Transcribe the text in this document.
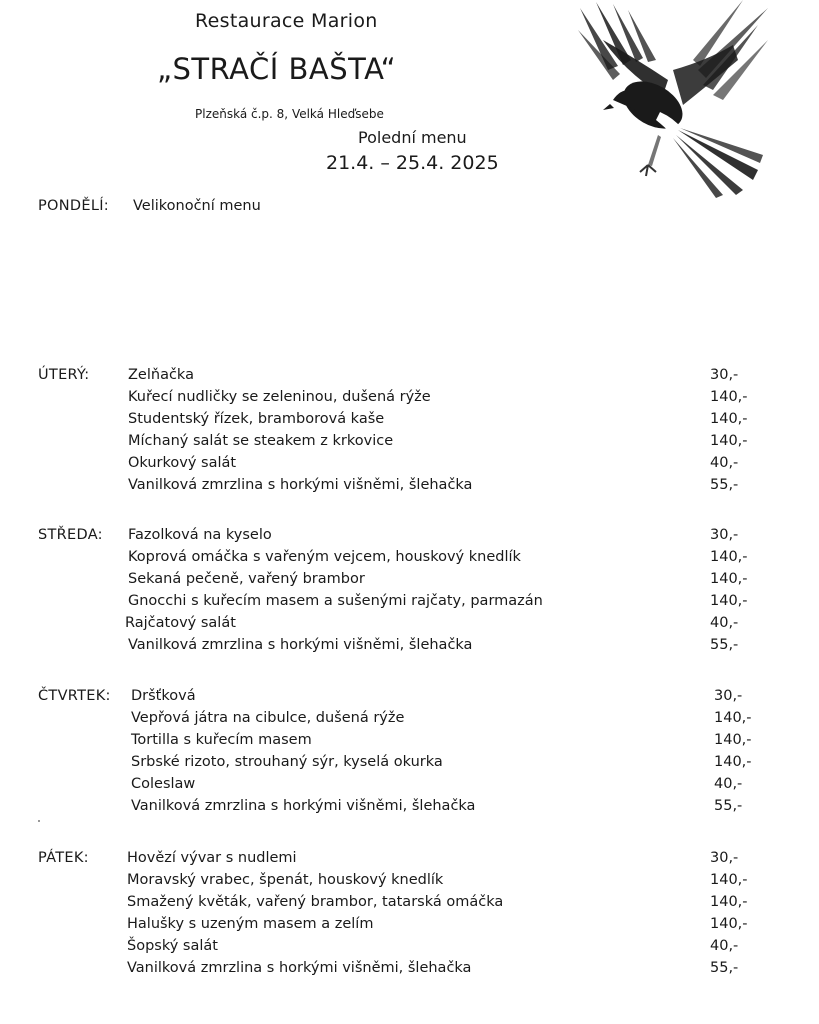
Restaurace Marion
„STRAČÍ BAŠTA“
Plzeňská č.p. 8, Velká Hleďsebe
Polední menu
21.4. – 25.4. 2025
PONDĚLÍ: Velikonoční menu
ÚTERÝ:	Zelňačka	30,-
Kuřecí nudličky se zeleninou, dušená rýže	140,-
Studentský řízek, bramborová kaše	140,-
Míchaný salát se steakem z krkovice	140,-
Okurkový salát	40,-
Vanilková zmrzlina s horkými višněmi, šlehačka	55,-
STŘEDA: Fazolková na kyselo	30,-
Koprová omáčka s vařeným vejcem, houskový knedlík	140,-
Sekaná pečeně, vařený brambor	140,-
Gnocchi s kuřecím masem a sušenými rajčaty, parmazán	140,-
Rajčatový salát	40,-
Vanilková zmrzlina s horkými višněmi, šlehačka	55,-
ČTVRTEK: Dršťková	30,-
Vepřová játra na cibulce, dušená rýže	140,-
Tortilla s kuřecím masem	140,-
Srbské rizoto, strouhaný sýr, kyselá okurka	140,-
Coleslaw	40,-
Vanilková zmrzlina s horkými višněmi, šlehačka	55,-
PÁTEK:	Hovězí vývar s nudlemi	30,-
Moravský vrabec, špenát, houskový knedlík	140,-
Smažený květák, vařený brambor, tatarská omáčka	140,-
Halušky s uzeným masem a zelím	140,-
Šopský salát	40,-
Vanilková zmrzlina s horkými višněmi, šlehačka	55,-
